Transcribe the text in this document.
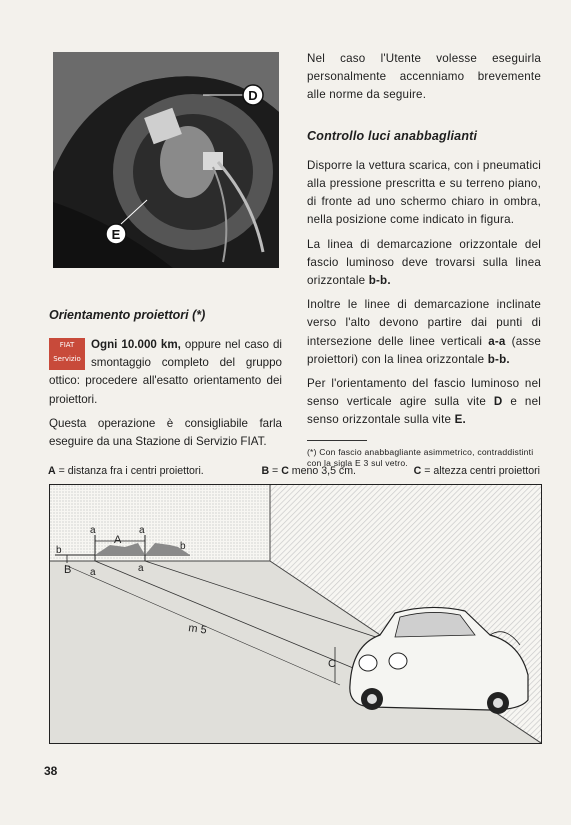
D
E

Nel caso l'Utente volesse eseguirla personalmente accenniamo brevemente alle norme da seguire.

Controllo luci anabbaglianti

Disporre la vettura scarica, con i pneumatici alla pressione prescritta e su terreno piano, di fronte ad uno schermo chiaro in ombra, nella posizione come indicato in figura.

La linea di demarcazione orizzontale del fascio luminoso deve trovarsi sulla linea orizzontale b-b.

Inoltre le linee di demarcazione inclinate verso l'alto devono partire dai punti di intersezione delle linee verticali a-a (asse proiettori) con la linea orizzontale b-b.

Per l'orientamento del fascio luminoso nel senso verticale agire sulla vite D e nel senso orizzontale sulla vite E.

(*) Con fascio anabbagliante asimmetrico, contraddistinti con la sigla E 3 sul vetro.
Orientamento proiettori (*)

FIAT
Servizio
Ogni 10.000 km, oppure nel caso di smontaggio completo del gruppo ottico: procedere all'esatto orientamento dei proiettori.

Questa operazione è consigliabile farla eseguire da una Stazione di Servizio FIAT.

A = distanza fra i centri proiettori.	B = C meno 3,5 cm.	C = altezza centri proiettori
a	a
A
b	b
B a	a
m 5
C
38
